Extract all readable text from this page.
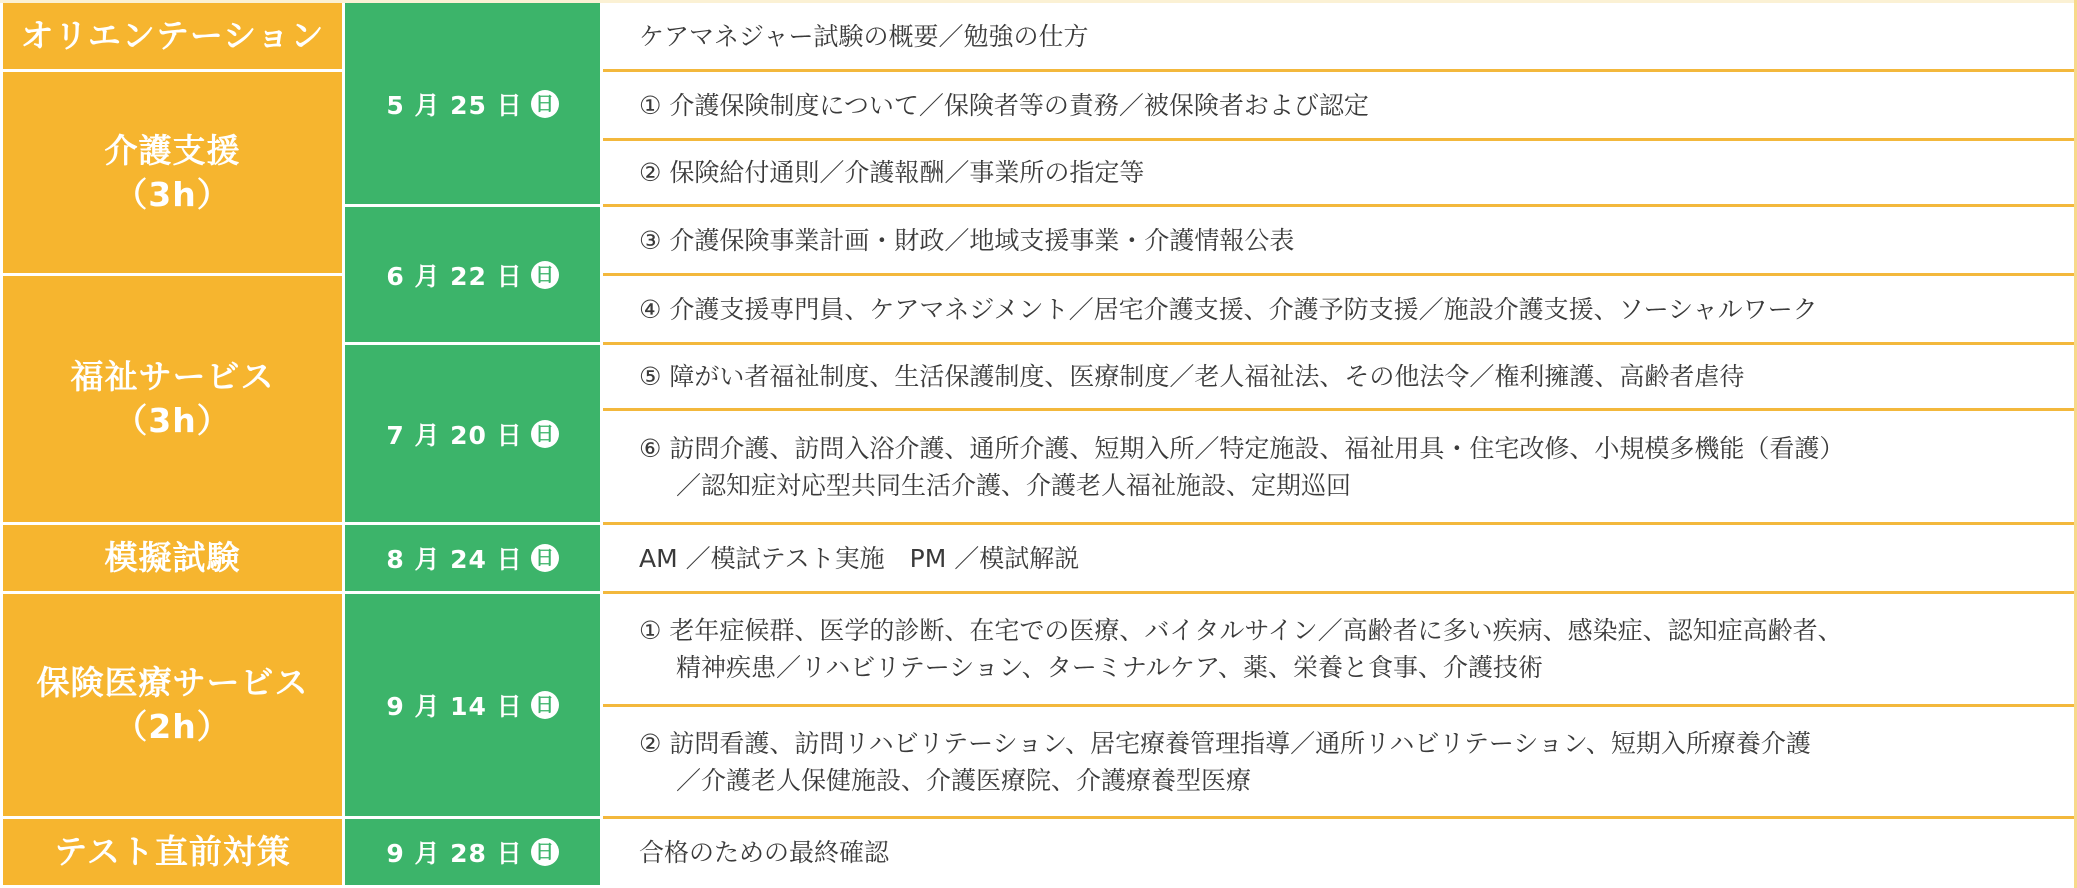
オリエンテーション
介護支援
（3h）
福祉サービス
（3h）
模擬試験
保険医療サービス
（2h）
テスト直前対策
5 月 25 日 日
6 月 22 日 日
7 月 20 日 日
8 月 24 日 日
9 月 14 日 日
9 月 28 日 日
ケアマネジャー試験の概要／勉強の仕方
① 介護保険制度について／保険者等の責務／被保険者および認定
② 保険給付通則／介護報酬／事業所の指定等
③ 介護保険事業計画・財政／地域支援事業・介護情報公表
④ 介護支援専門員、ケアマネジメント／居宅介護支援、介護予防支援／施設介護支援、ソーシャルワーク
⑤ 障がい者福祉制度、生活保護制度、医療制度／老人福祉法、その他法令／権利擁護、高齢者虐待
⑥ 訪問介護、訪問入浴介護、通所介護、短期入所／特定施設、福祉用具・住宅改修、小規模多機能（看護）
／認知症対応型共同生活介護、介護老人福祉施設、定期巡回
AM ／模試テスト実施　PM ／模試解説
① 老年症候群、医学的診断、在宅での医療、バイタルサイン／高齢者に多い疾病、感染症、認知症高齢者、
精神疾患／リハビリテーション、ターミナルケア、薬、栄養と食事、介護技術
② 訪問看護、訪問リハビリテーション、居宅療養管理指導／通所リハビリテーション、短期入所療養介護
／介護老人保健施設、介護医療院、介護療養型医療
合格のための最終確認
